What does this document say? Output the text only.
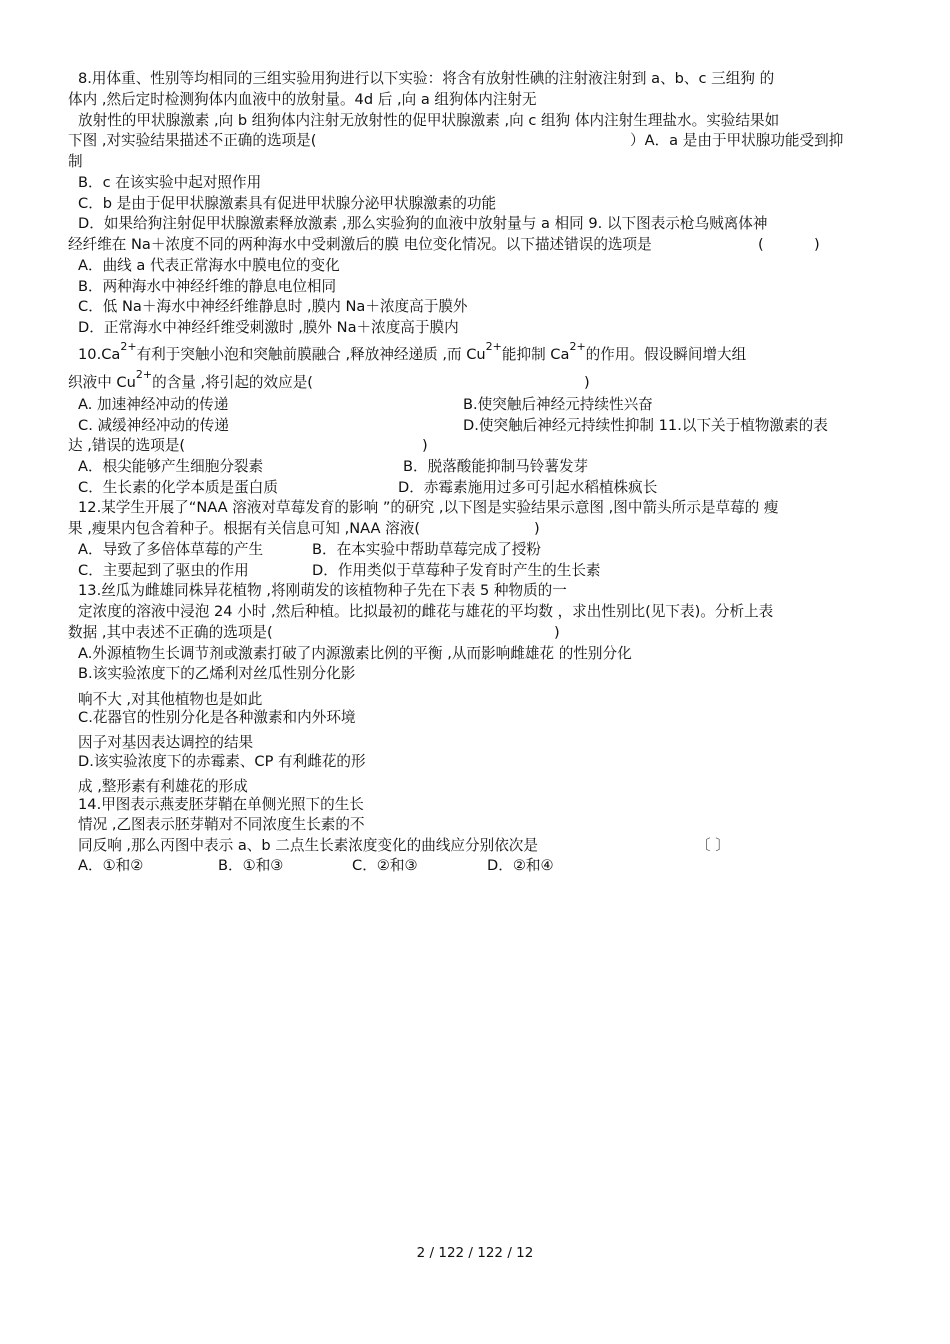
8.用体重、性别等均相同的三组实验用狗进行以下实验：将含有放射性碘的注射液注射到 a、b、c 三组狗 的
体内 ,然后定时检测狗体内血液中的放射量。4d 后 ,向 a 组狗体内注射无
放射性的甲状腺激素 ,向 b 组狗体内注射无放射性的促甲状腺激素 ,向 c 组狗 体内注射生理盐水。实验结果如
下图 ,对实验结果描述不正确的选项是(	）A．a 是由于甲状腺功能受到抑
制
B．c 在该实验中起对照作用
C．b 是由于促甲状腺激素具有促进甲状腺分泌甲状腺激素的功能
D．如果给狗注射促甲状腺激素释放激素 ,那么实验狗的血液中放射量与 a 相同 9. 以下图表示枪乌贼离体神
经纤维在 Na＋浓度不同的两种海水中受刺激后的膜 电位变化情况。以下描述错误的选项是	(	)
A．曲线 a 代表正常海水中膜电位的变化
B．两种海水中神经纤维的静息电位相同
C．低 Na＋海水中神经纤维静息时 ,膜内 Na＋浓度高于膜外
D．正常海水中神经纤维受刺激时 ,膜外 Na＋浓度高于膜内
$10.Ca^{2+}$有利于突触小泡和突触前膜融合 ,释放神经递质 ,而 $Cu^{2+}$能抑制 $Ca^{2+}$的作用。假设瞬间增大组
织液中 $Cu^{2+}$的含量 ,将引起的效应是(	)
A. 加速神经冲动的传递	B.使突触后神经元持续性兴奋
C. 减缓神经冲动的传递	D.使突触后神经元持续性抑制 11.以下关于植物激素的表
达 ,错误的选项是(	)
A．根尖能够产生细胞分裂素	B．脱落酸能抑制马铃薯发芽
C．生长素的化学本质是蛋白质	D．赤霉素施用过多可引起水稻植株疯长
12.某学生开展了“NAA 溶液对草莓发育的影响 ”的研究 ,以下图是实验结果示意图 ,图中箭头所示是草莓的 瘦
果 ,瘦果内包含着种子。根据有关信息可知 ,NAA 溶液(	)
A．导致了多倍体草莓的产生	B．在本实验中帮助草莓完成了授粉
C．主要起到了驱虫的作用	D．作用类似于草莓种子发育时产生的生长素
13.丝瓜为雌雄同株异花植物 ,将刚萌发的该植物种子先在下表 5 种物质的一
定浓度的溶液中浸泡 24 小时 ,然后种植。比拟最初的雌花与雄花的平均数 ，求出性别比(见下表)。分析上表
数据 ,其中表述不正确的选项是(	)
A.外源植物生长调节剂或激素打破了内源激素比例的平衡 ,从而影响雌雄花 的性别分化
B.该实验浓度下的乙烯利对丝瓜性别分化影
响不大 ,对其他植物也是如此
C.花器官的性别分化是各种激素和内外环境
因子对基因表达调控的结果
D.该实验浓度下的赤霉素、CP 有利雌花的形
成 ,整形素有利雄花的形成
14.甲图表示燕麦胚芽鞘在单侧光照下的生长
情况 ,乙图表示胚芽鞘对不同浓度生长素的不
同反响 ,那么丙图中表示 a、b 二点生长素浓度变化的曲线应分别依次是	〔 〕
A．①和②	B．①和③	C．②和③	D．②和④
2 / 122 / 122 / 12
